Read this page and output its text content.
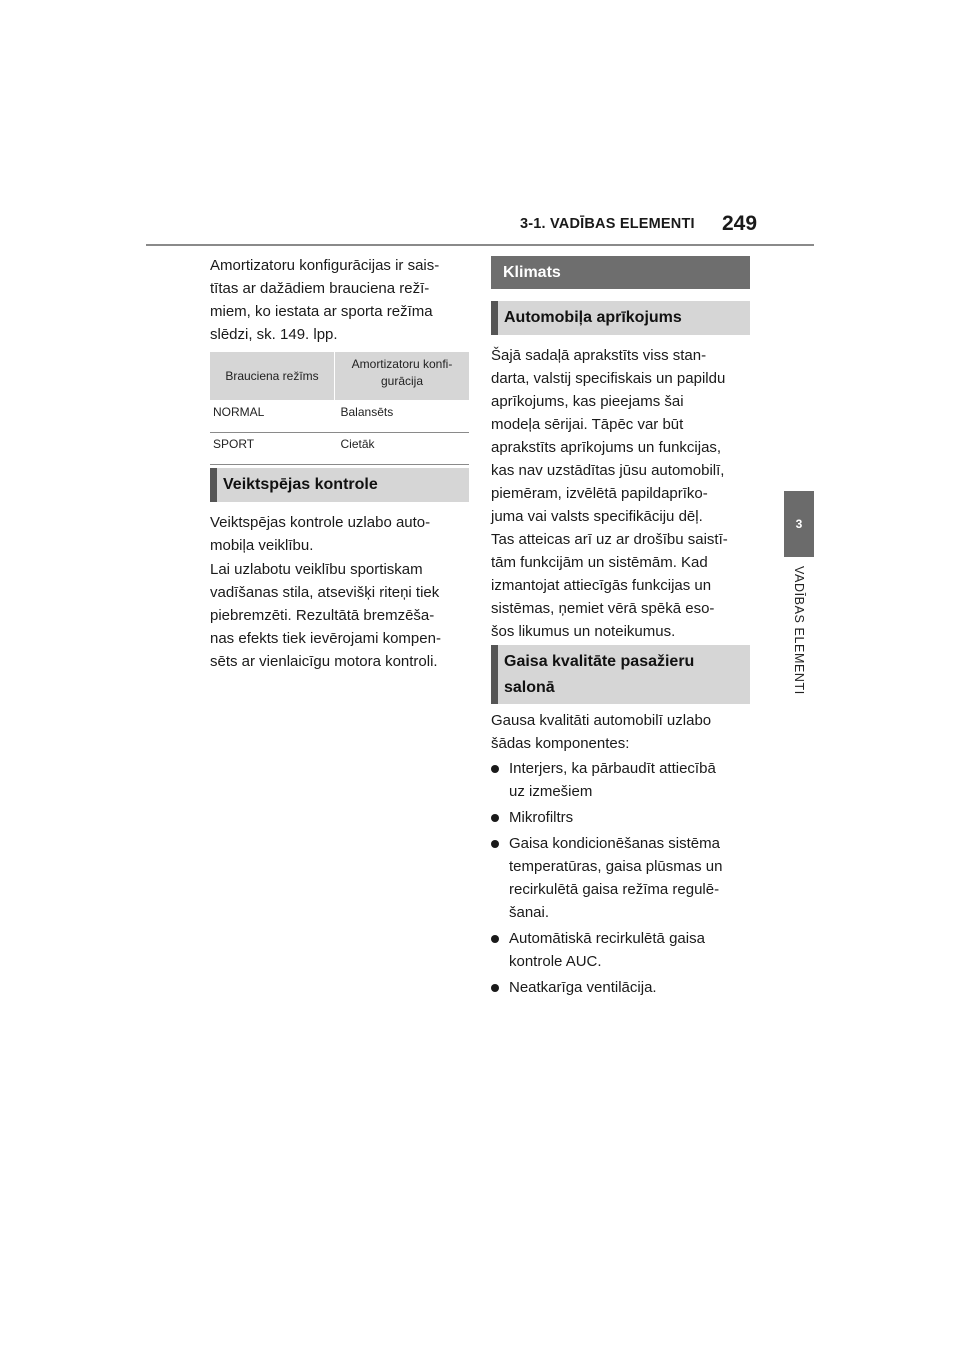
3-1. VADĪBAS ELEMENTI 249
3
VADĪBAS ELEMENTI
Amortizatoru konfigurācijas ir sais-
tītas ar dažādiem brauciena režī-
miem, ko iestata ar sporta režīma
slēdzi, sk. 149. lpp.
Brauciena režīms	Amortizatoru konfi-
gurācija

NORMAL	Balansēts
SPORT	Cietāk
Veiktspējas kontrole
Veiktspējas kontrole uzlabo auto-
mobiļa veiklību.
Lai uzlabotu veiklību sportiskam
vadīšanas stila, atsevišķi riteņi tiek
piebremzēti. Rezultātā bremzēša-
nas efekts tiek ievērojami kompen-
sēts ar vienlaicīgu motora kontroli.
Klimats
Automobiļa aprīkojums
Šajā sadaļā aprakstīts viss stan-
darta, valstij specifiskais un papildu
aprīkojums, kas pieejams šai
modeļa sērijai. Tāpēc var būt
aprakstīts aprīkojums un funkcijas,
kas nav uzstādītas jūsu automobilī,
piemēram, izvēlētā papildaprīko-
juma vai valsts specifikāciju dēļ.
Tas atteicas arī uz ar drošību saistī-
tām funkcijām un sistēmām. Kad
izmantojat attiecīgās funkcijas un
sistēmas, ņemiet vērā spēkā eso-
šos likumus un noteikumus.
Gaisa kvalitāte pasažieru
salonā
Gausa kvalitāti automobilī uzlabo
šādas komponentes:
Interjers, ka pārbaudīt attiecībā
uz izmešiem
Mikrofiltrs
Gaisa kondicionēšanas sistēma
temperatūras, gaisa plūsmas un
recirkulētā gaisa režīma regulē-
šanai.
Automātiskā recirkulētā gaisa
kontrole AUC.
Neatkarīga ventilācija.
